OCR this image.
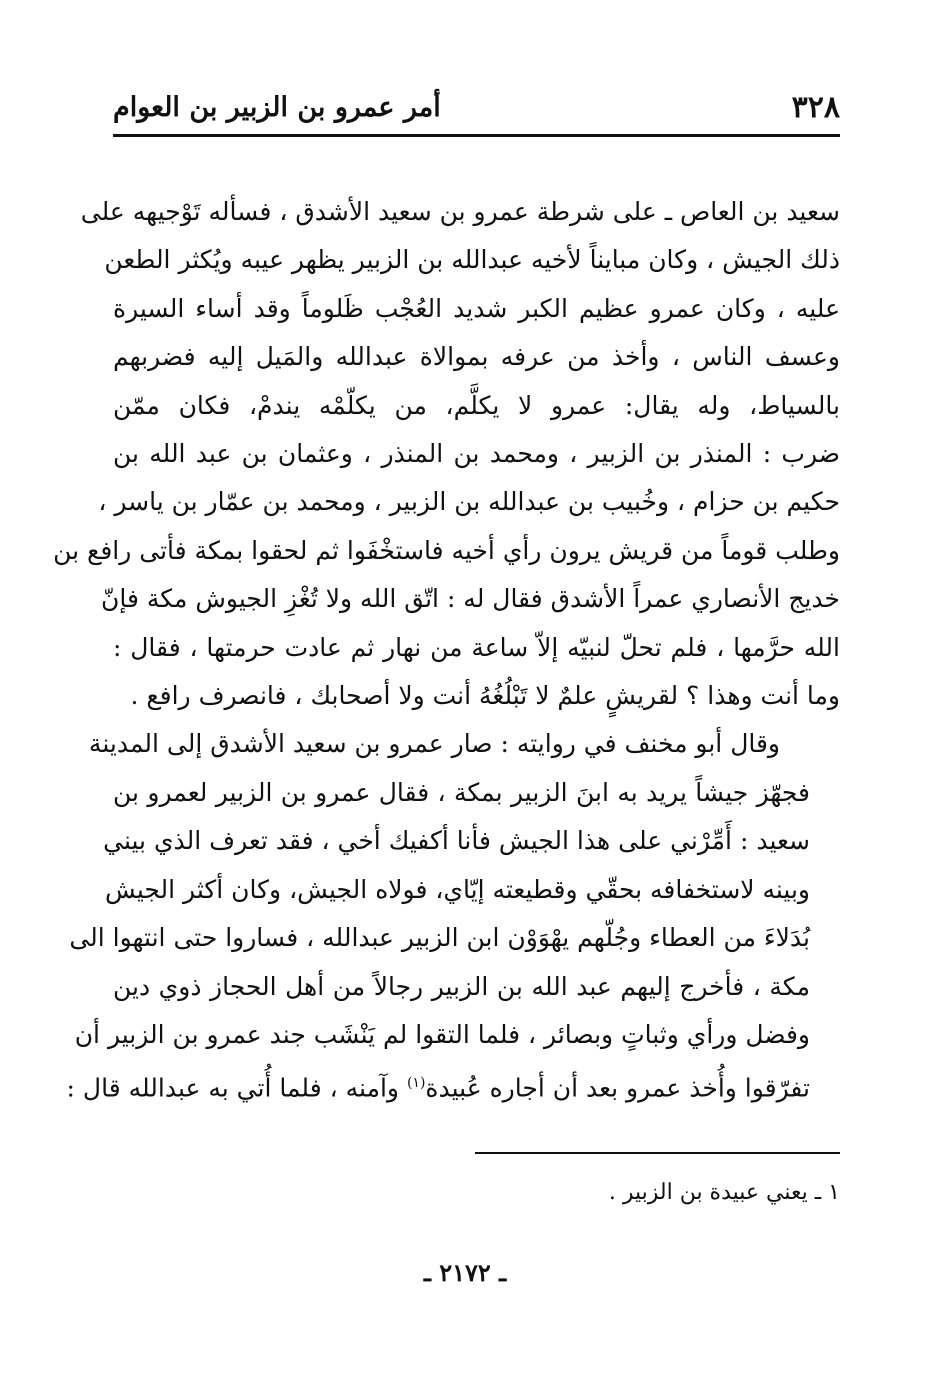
٣٢٨
أمر عمرو بن الزبير بن العوام
سعيد بن العاص ـ على شرطة عمرو بن سعيد الأشدق ، فسأله تَوْجيهه على
ذلك الجيش ، وكان مبايناً لأخيه عبدالله بن الزبير يظهر عيبه ويُكثر الطعن
عليه ، وكان عمرو عظيم الكبر شديد العُجْب ظَلوماً وقد أساء السيرة
وعسف الناس ، وأخذ من عرفه بموالاة عبدالله والمَيل إليه فضربهم
بالسياط، وله يقال: عمرو لا يكلَّم، من يكلّمْه يندمْ، فكان ممّن
ضرب : المنذر بن الزبير ، ومحمد بن المنذر ، وعثمان بن عبد الله بن
حكيم بن حزام ، وخُبيب بن عبدالله بن الزبير ، ومحمد بن عمّار بن ياسر ،
وطلب قوماً من قريش يرون رأي أخيه فاستخْفَوا ثم لحقوا بمكة فأتى رافع بن
خديج الأنصاري عمراً الأشدق فقال له : اتّق الله ولا تُغْزِ الجيوش مكة فإنّ
الله حرَّمها ، فلم تحلّ لنبيّه إلاّ ساعة من نهار ثم عادت حرمتها ، فقال :
وما أنت وهذا ؟ لقريشٍ علمٌ لا تَبْلُغُهُ أنت ولا أصحابك ، فانصرف رافع .
وقال أبو مخنف في روايته : صار عمرو بن سعيد الأشدق إلى المدينة
فجهّز جيشاً يريد به ابنَ الزبير بمكة ، فقال عمرو بن الزبير لعمرو بن
سعيد : أَمِّرْني على هذا الجيش فأنا أكفيك أخي ، فقد تعرف الذي بيني
وبينه لاستخفافه بحقّي وقطيعته إيّاي، فولاه الجيش، وكان أكثر الجيش
بُدَلاءَ من العطاء وجُلّهم يهْوَوْن ابن الزبير عبدالله ، فساروا حتى انتهوا الى
مكة ، فأخرج إليهم عبد الله بن الزبير رجالاً من أهل الحجاز ذوي دين
وفضل ورأي وثباتٍ وبصائر ، فلما التقوا لم يَنْشَب جند عمرو بن الزبير أن
تفرّقوا وأُخذ عمرو بعد أن أجاره عُبيدة$^{(١)}$ وآمنه ، فلما أُتي به عبدالله قال :
١ ـ يعني عبيدة بن الزبير .
ـ ٢١٧٢ ـ
